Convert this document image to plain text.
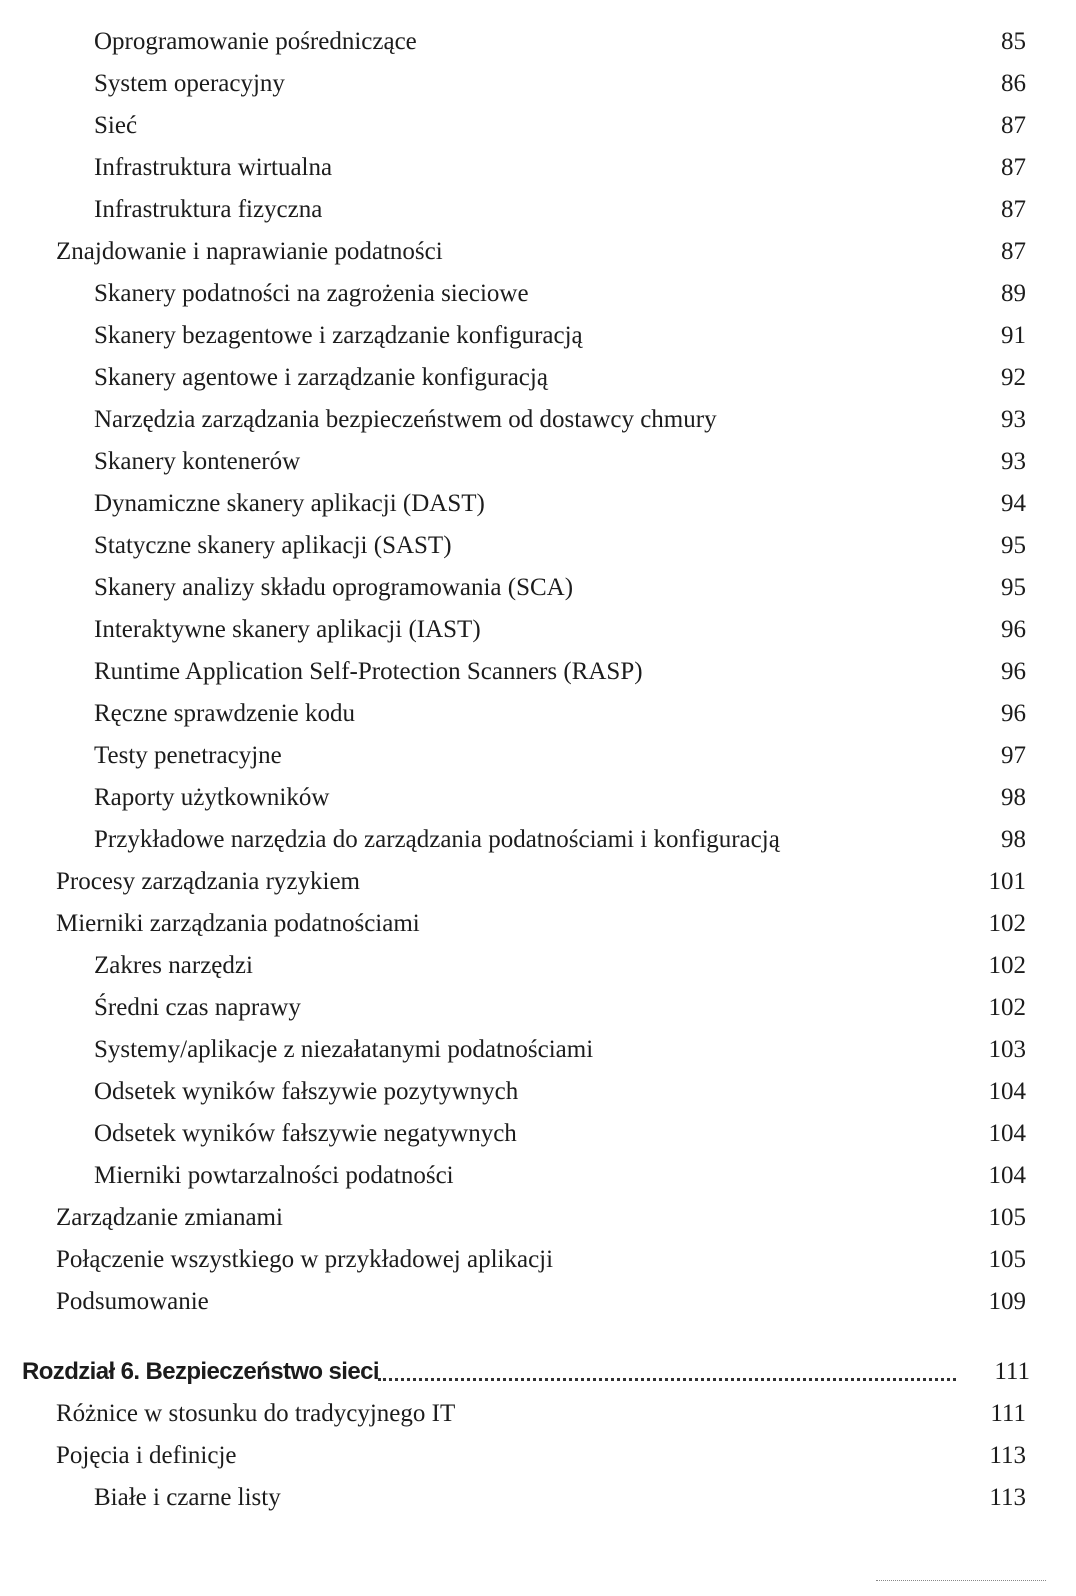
Oprogramowanie pośredniczące	85
System operacyjny	86
Sieć	87
Infrastruktura wirtualna	87
Infrastruktura fizyczna	87
Znajdowanie i naprawianie podatności	87
Skanery podatności na zagrożenia sieciowe	89
Skanery bezagentowe i zarządzanie konfiguracją	91
Skanery agentowe i zarządzanie konfiguracją	92
Narzędzia zarządzania bezpieczeństwem od dostawcy chmury	93
Skanery kontenerów	93
Dynamiczne skanery aplikacji (DAST)	94
Statyczne skanery aplikacji (SAST)	95
Skanery analizy składu oprogramowania (SCA)	95
Interaktywne skanery aplikacji (IAST)	96
Runtime Application Self-Protection Scanners (RASP)	96
Ręczne sprawdzenie kodu	96
Testy penetracyjne	97
Raporty użytkowników	98
Przykładowe narzędzia do zarządzania podatnościami i konfiguracją	98
Procesy zarządzania ryzykiem	101
Mierniki zarządzania podatnościami	102
Zakres narzędzi	102
Średni czas naprawy	102
Systemy/aplikacje z niezałatanymi podatnościami	103
Odsetek wyników fałszywie pozytywnych	104
Odsetek wyników fałszywie negatywnych	104
Mierniki powtarzalności podatności	104
Zarządzanie zmianami	105
Połączenie wszystkiego w przykładowej aplikacji	105
Podsumowanie	109
Rozdział 6. Bezpieczeństwo sieci	111
Różnice w stosunku do tradycyjnego IT	111
Pojęcia i definicje	113
Białe i czarne listy	113
